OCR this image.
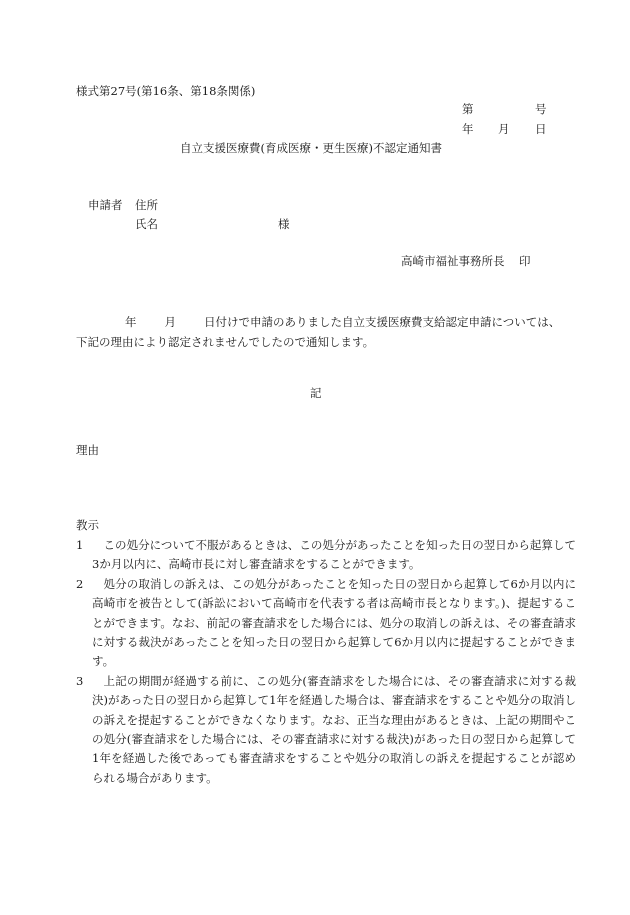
様式第27号(第16条、第18条関係)
第	号
年 月 日
自立支援医療費(育成医療・更生医療)不認定通知書
申請者 住所
氏名	様
高崎市福祉事務所長 印
年 月 日付けで申請のありました自立支援医療費支給認定申請については、
下記の理由により認定されませんでしたので通知します。
記
理由
教示
1	この処分について不服があるときは、この処分があったことを知った日の翌日から起算して3か月以内に、高崎市長に対し審査請求をすることができます。
2	処分の取消しの訴えは、この処分があったことを知った日の翌日から起算して6か月以内に高崎市を被告として(訴訟において高崎市を代表する者は高崎市長となります。)、提起することができます。なお、前記の審査請求をした場合には、処分の取消しの訴えは、その審査請求に対する裁決があったことを知った日の翌日から起算して6か月以内に提起することができます。
3	上記の期間が経過する前に、この処分(審査請求をした場合には、その審査請求に対する裁決)があった日の翌日から起算して1年を経過した場合は、審査請求をすることや処分の取消しの訴えを提起することができなくなります。なお、正当な理由があるときは、上記の期間やこの処分(審査請求をした場合には、その審査請求に対する裁決)があった日の翌日から起算して1年を経過した後であっても審査請求をすることや処分の取消しの訴えを提起することが認められる場合があります。
